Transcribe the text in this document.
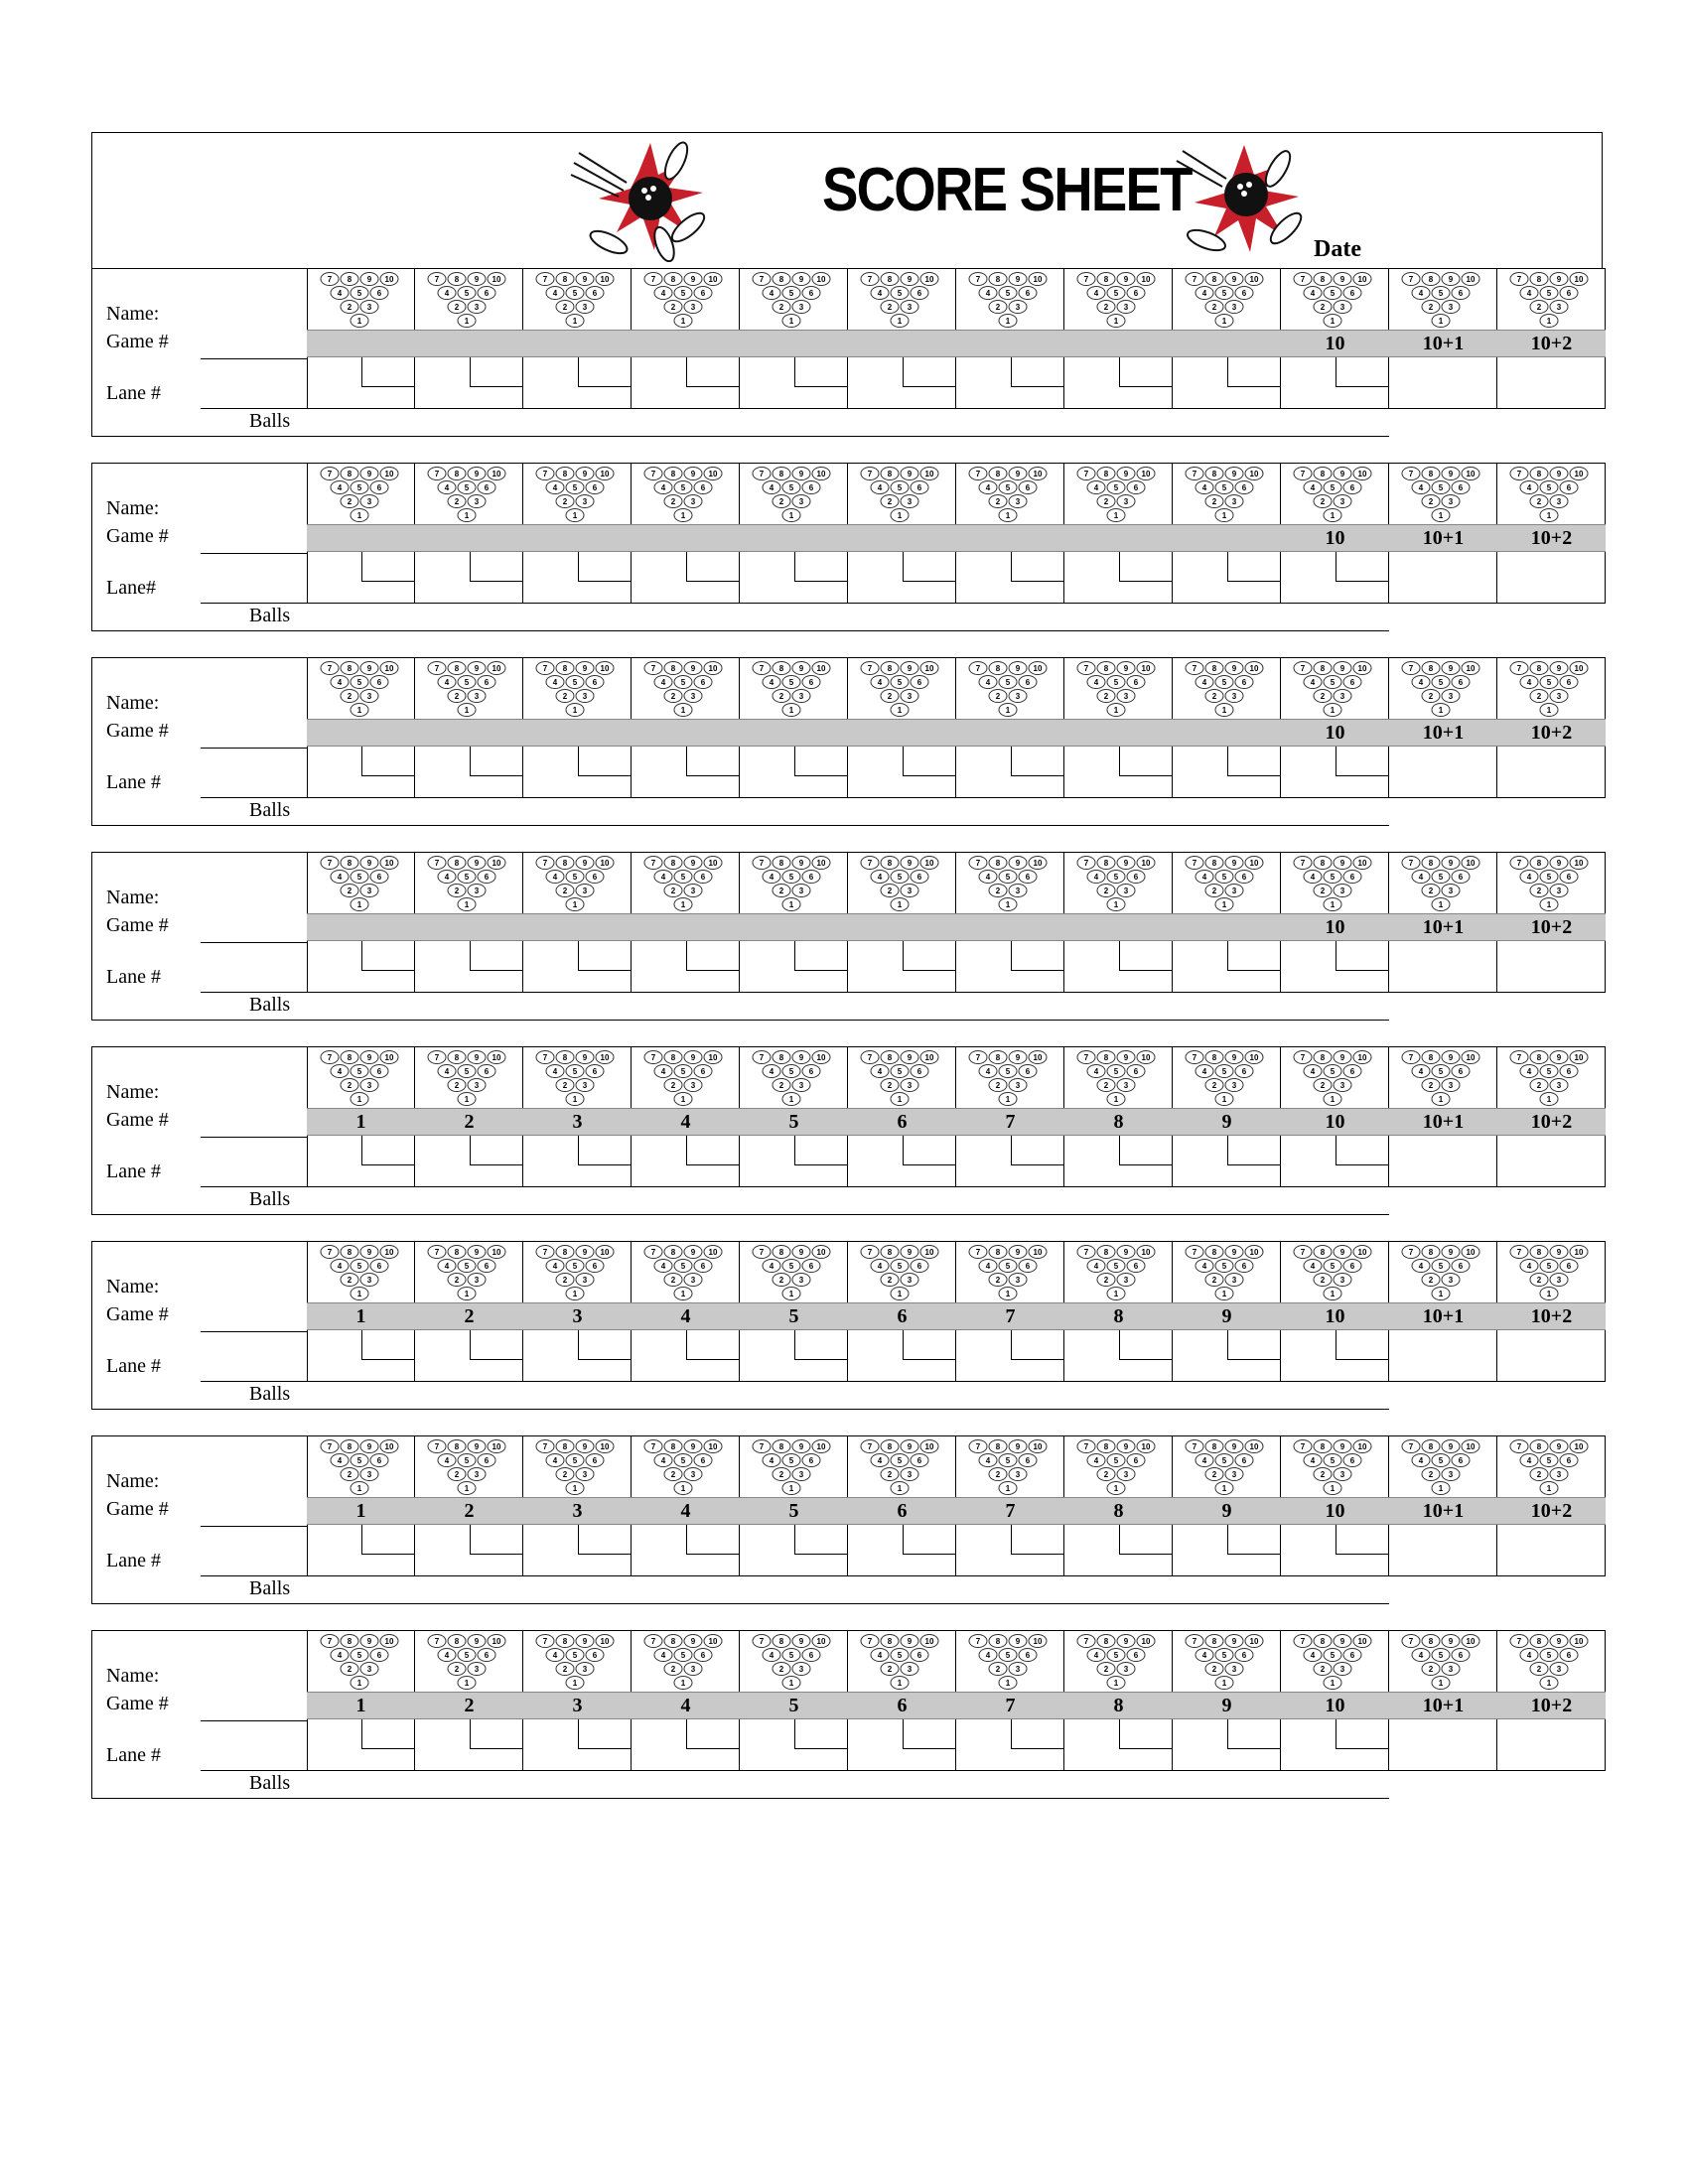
SCORE SHEET
Date
Name:
Game #
Lane #
Balls
7 8 9 10
4 5 6
2 3
1
7 8 9 10
4 5 6
2 3
1
7 8 9 10
4 5 6
2 3
1
7 8 9 10
4 5 6
2 3
1
7 8 9 10
4 5 6
2 3
1
7 8 9 10
4 5 6
2 3
1
7 8 9 10
4 5 6
2 3
1
7 8 9 10
4 5 6
2 3
1
7 8 9 10
4 5 6
2 3
1
7 8 9 10
4 5 6
2 3
1
10
7 8 9 10
4 5 6
2 3
1
10+1
7 8 9 10
4 5 6
2 3
1
10+2
Name:
Game #
Lane#
Balls
7 8 9 10
4 5 6
2 3
1
7 8 9 10
4 5 6
2 3
1
7 8 9 10
4 5 6
2 3
1
7 8 9 10
4 5 6
2 3
1
7 8 9 10
4 5 6
2 3
1
7 8 9 10
4 5 6
2 3
1
7 8 9 10
4 5 6
2 3
1
7 8 9 10
4 5 6
2 3
1
7 8 9 10
4 5 6
2 3
1
7 8 9 10
4 5 6
2 3
1
10
7 8 9 10
4 5 6
2 3
1
10+1
7 8 9 10
4 5 6
2 3
1
10+2
Name:
Game #
Lane #
Balls
7 8 9 10
4 5 6
2 3
1
7 8 9 10
4 5 6
2 3
1
7 8 9 10
4 5 6
2 3
1
7 8 9 10
4 5 6
2 3
1
7 8 9 10
4 5 6
2 3
1
7 8 9 10
4 5 6
2 3
1
7 8 9 10
4 5 6
2 3
1
7 8 9 10
4 5 6
2 3
1
7 8 9 10
4 5 6
2 3
1
7 8 9 10
4 5 6
2 3
1
10
7 8 9 10
4 5 6
2 3
1
10+1
7 8 9 10
4 5 6
2 3
1
10+2
Name:
Game #
Lane #
Balls
7 8 9 10
4 5 6
2 3
1
7 8 9 10
4 5 6
2 3
1
7 8 9 10
4 5 6
2 3
1
7 8 9 10
4 5 6
2 3
1
7 8 9 10
4 5 6
2 3
1
7 8 9 10
4 5 6
2 3
1
7 8 9 10
4 5 6
2 3
1
7 8 9 10
4 5 6
2 3
1
7 8 9 10
4 5 6
2 3
1
7 8 9 10
4 5 6
2 3
1
10
7 8 9 10
4 5 6
2 3
1
10+1
7 8 9 10
4 5 6
2 3
1
10+2
Name:
Game #
Lane #
Balls
7 8 9 10
4 5 6
2 3
1
1
7 8 9 10
4 5 6
2 3
1
2
7 8 9 10
4 5 6
2 3
1
3
7 8 9 10
4 5 6
2 3
1
4
7 8 9 10
4 5 6
2 3
1
5
7 8 9 10
4 5 6
2 3
1
6
7 8 9 10
4 5 6
2 3
1
7
7 8 9 10
4 5 6
2 3
1
8
7 8 9 10
4 5 6
2 3
1
9
7 8 9 10
4 5 6
2 3
1
10
7 8 9 10
4 5 6
2 3
1
10+1
7 8 9 10
4 5 6
2 3
1
10+2
Name:
Game #
Lane #
Balls
7 8 9 10
4 5 6
2 3
1
1
7 8 9 10
4 5 6
2 3
1
2
7 8 9 10
4 5 6
2 3
1
3
7 8 9 10
4 5 6
2 3
1
4
7 8 9 10
4 5 6
2 3
1
5
7 8 9 10
4 5 6
2 3
1
6
7 8 9 10
4 5 6
2 3
1
7
7 8 9 10
4 5 6
2 3
1
8
7 8 9 10
4 5 6
2 3
1
9
7 8 9 10
4 5 6
2 3
1
10
7 8 9 10
4 5 6
2 3
1
10+1
7 8 9 10
4 5 6
2 3
1
10+2
Name:
Game #
Lane #
Balls
7 8 9 10
4 5 6
2 3
1
1
7 8 9 10
4 5 6
2 3
1
2
7 8 9 10
4 5 6
2 3
1
3
7 8 9 10
4 5 6
2 3
1
4
7 8 9 10
4 5 6
2 3
1
5
7 8 9 10
4 5 6
2 3
1
6
7 8 9 10
4 5 6
2 3
1
7
7 8 9 10
4 5 6
2 3
1
8
7 8 9 10
4 5 6
2 3
1
9
7 8 9 10
4 5 6
2 3
1
10
7 8 9 10
4 5 6
2 3
1
10+1
7 8 9 10
4 5 6
2 3
1
10+2
Name:
Game #
Lane #
Balls
7 8 9 10
4 5 6
2 3
1
1
7 8 9 10
4 5 6
2 3
1
2
7 8 9 10
4 5 6
2 3
1
3
7 8 9 10
4 5 6
2 3
1
4
7 8 9 10
4 5 6
2 3
1
5
7 8 9 10
4 5 6
2 3
1
6
7 8 9 10
4 5 6
2 3
1
7
7 8 9 10
4 5 6
2 3
1
8
7 8 9 10
4 5 6
2 3
1
9
7 8 9 10
4 5 6
2 3
1
10
7 8 9 10
4 5 6
2 3
1
10+1
7 8 9 10
4 5 6
2 3
1
10+2
